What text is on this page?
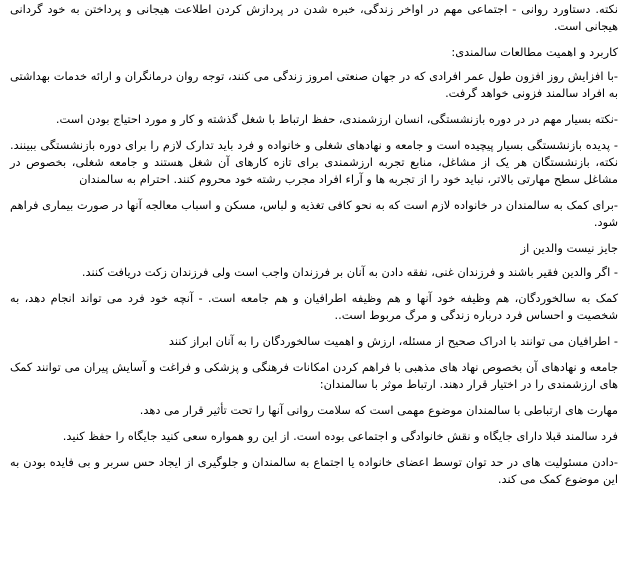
نکته. دستاورد روانی - اجتماعی مهم در اواخر زندگی، خبره شدن در پردازش کردن اطلاعت هیجانی و پرداختن به خود گردانی هیجانی است.

کاربرد و اهمیت مطالعات سالمندی:

-با افزایش روز افزون طول عمر افرادی که در جهان صنعتی امروز زندگی می کنند، توجه روان درمانگران و ارائه خدمات بهداشتی به افراد سالمند فزونی خواهد گرفت.

-نکته بسیار مهم در در دوره بازنشستگی، انسان ارزشمندی، حفظ ارتباط با شغل گذشته و کار و مورد احتیاج بودن است.

- پدیده بازنشستگی بسیار پیچیده است و جامعه و نهادهای شغلی و خانواده و فرد باید تدارک لازم را برای دوره بازنشستگی ببینند. نکته، بازنشستگان هر یک از مشاغل، منابع تجربه ارزشمندی برای تازه کارهای آن شغل هستند و جامعه شغلی، بخصوص در مشاغل سطح مهارتی بالاتر، نباید خود را از تجربه ها و آراء افراد مجرب رشته خود محروم کنند. احترام به سالمندان

-برای کمک به سالمندان در خانواده لازم است که به نحو کافی تغذیه و لباس، مسکن و اسباب معالجه آنها در صورت بیماری فراهم شود.

جایز نیست والدین از

- اگر والدین فقیر باشند و فرزندان غنی، نفقه دادن به آنان بر فرزندان واجب است ولی فرزندان زکت دریافت کنند.

کمک به سالخوردگان، هم وظیفه خود آنها و هم وظیفه اطرافیان و هم جامعه است. - آنچه خود فرد می تواند انجام دهد، به شخصیت و احساس فرد درباره زندگی و مرگ مربوط است..

- اطرافیان می توانند با ادراک صحیح از مسئله، ارزش و اهمیت سالخوردگان را به آنان ابراز کنند

جامعه و نهادهای آن بخصوص نهاد های مذهبی با فراهم کردن امکانات فرهنگی و پزشکی و فراغت و آسایش پیران می توانند کمک های ارزشمندی را در اختیار قرار دهند. ارتباط موثر با سالمندان:

مهارت های ارتباطی با سالمندان موضوع مهمی است که سلامت روانی آنها را تحت تأثیر قرار می دهد.

فرد سالمند قبلا دارای جایگاه و نقش خانوادگی و اجتماعی بوده است. از این رو همواره سعی کنید جایگاه را حفظ کنید.

-دادن مسئولیت های در حد توان توسط اعضای خانواده یا اجتماع به سالمندان و جلوگیری از ایجاد حس سربر و بی فایده بودن به این موضوع کمک می کند.
